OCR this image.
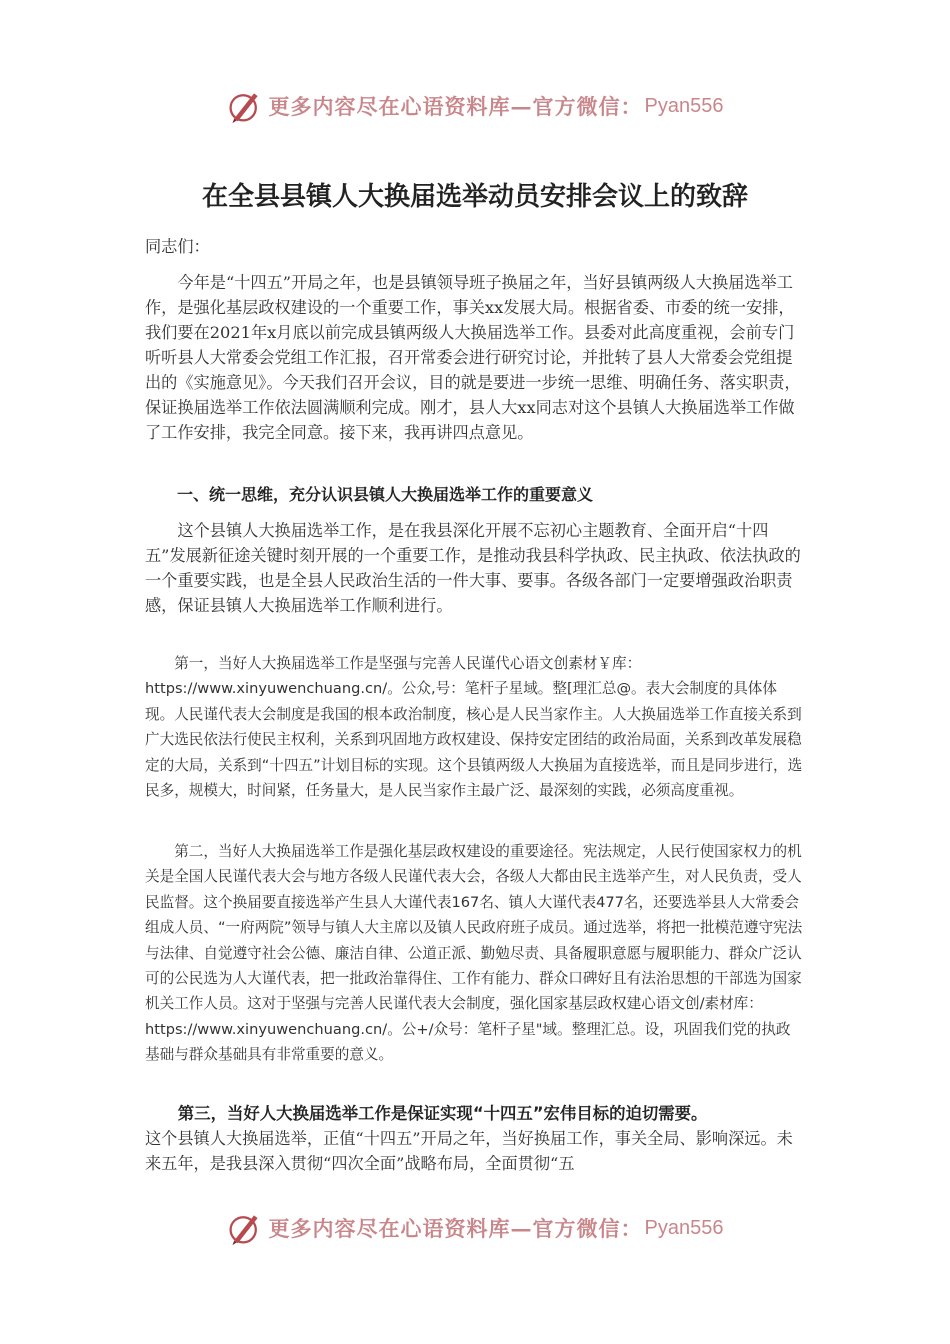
更多内容尽在心语资料库—官方微信： Pyan556
在全县县镇人大换届选举动员安排会议上的致辞

同志们：

今年是“十四五”开局之年，也是县镇领导班子换届之年，当好县镇两级人大换届选举工作，是强化基层政权建设的一个重要工作，事关xx发展大局。根据省委、市委的统一安排，我们要在2021年x月底以前完成县镇两级人大换届选举工作。县委对此高度重视，会前专门听听县人大常委会党组工作汇报，召开常委会进行研究讨论，并批转了县人大常委会党组提出的《实施意见》。今天我们召开会议，目的就是要进一步统一思维、明确任务、落实职责，保证换届选举工作依法圆满顺利完成。刚才，县人大xx同志对这个县镇人大换届选举工作做了工作安排，我完全同意。接下来，我再讲四点意见。

一、统一思维，充分认识县镇人大换届选举工作的重要意义

这个县镇人大换届选举工作，是在我县深化开展不忘初心主题教育、全面开启“十四五”发展新征途关键时刻开展的一个重要工作，是推动我县科学执政、民主执政、依法执政的一个重要实践，也是全县人民政治生活的一件大事、要事。各级各部门一定要增强政治职责感，保证县镇人大换届选举工作顺利进行。

第一，当好人大换届选举工作是坚强与完善人民谨代心语文创素材￥库：https://www.xinyuwenchuang.cn/。公众,号：笔杆子星域。整[理汇总@。表大会制度的具体体现。人民谨代表大会制度是我国的根本政治制度，核心是人民当家作主。人大换届选举工作直接关系到广大选民依法行使民主权利，关系到巩固地方政权建设、保持安定团结的政治局面，关系到改革发展稳定的大局，关系到“十四五”计划目标的实现。这个县镇两级人大换届为直接选举，而且是同步进行，选民多，规模大，时间紧，任务量大，是人民当家作主最广泛、最深刻的实践，必须高度重视。

第二，当好人大换届选举工作是强化基层政权建设的重要途径。宪法规定，人民行使国家权力的机关是全国人民谨代表大会与地方各级人民谨代表大会，各级人大都由民主选举产生，对人民负责，受人民监督。这个换届要直接选举产生县人大谨代表167名、镇人大谨代表477名，还要选举县人大常委会组成人员、“一府两院”领导与镇人大主席以及镇人民政府班子成员。通过选举，将把一批模范遵守宪法与法律、自觉遵守社会公德、廉洁自律、公道正派、勤勉尽责、具备履职意愿与履职能力、群众广泛认可的公民选为人大谨代表，把一批政治靠得住、工作有能力、群众口碑好且有法治思想的干部选为国家机关工作人员。这对于坚强与完善人民谨代表大会制度，强化国家基层政权建心语文创/素材库：https://www.xinyuwenchuang.cn/。公+/众号：笔杆子星"域。整理汇总。设，巩固我们党的执政基础与群众基础具有非常重要的意义。

第三，当好人大换届选举工作是保证实现“十四五”宏伟目标的迫切需要。

这个县镇人大换届选举，正值“十四五”开局之年，当好换届工作，事关全局、影响深远。未来五年，是我县深入贯彻“四次全面”战略布局，全面贯彻“五

更多内容尽在心语资料库—官方微信： Pyan556
